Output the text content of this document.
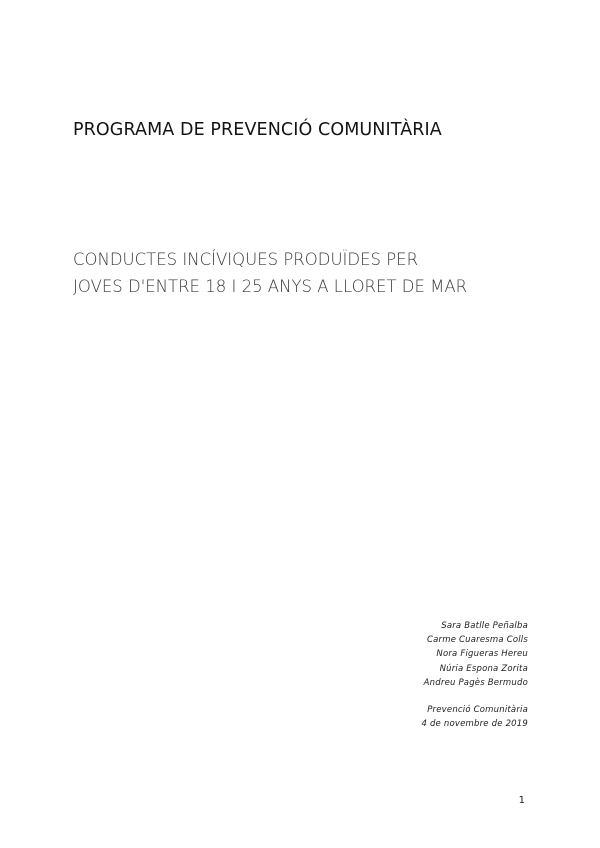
PROGRAMA DE PREVENCIÓ COMUNITÀRIA
CONDUCTES INCÍVIQUES PRODUÏDES PER
JOVES D'ENTRE 18 I 25 ANYS A LLORET DE MAR
Sara Batlle Peñalba
Carme Cuaresma Colls
Nora Figueras Hereu
Núria Espona Zorita
Andreu Pagès Bermudo
Prevenció Comunitària
4 de novembre de 2019
1
